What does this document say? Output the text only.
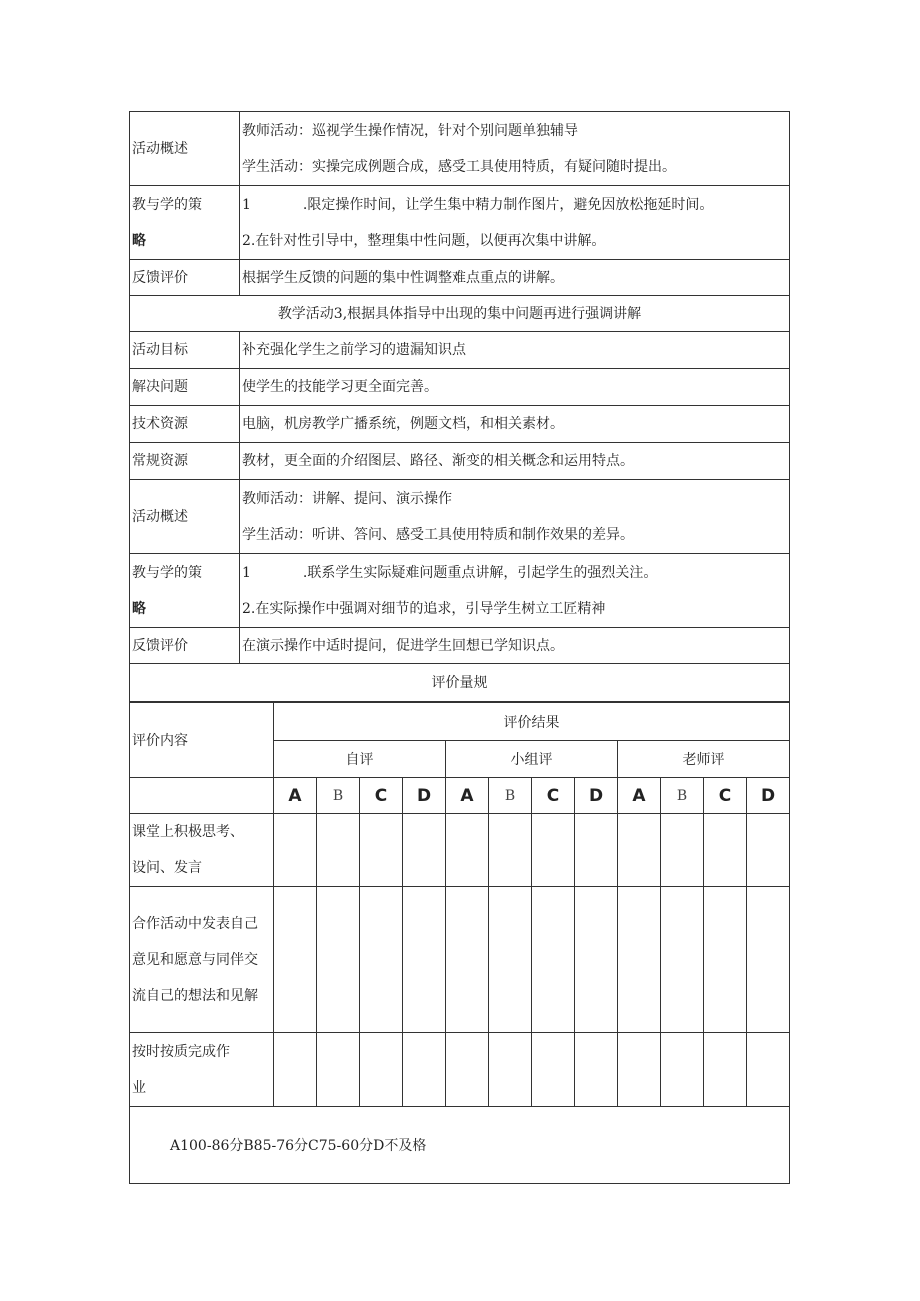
活动概述	教师活动：巡视学生操作情况，针对个别问题单独辅导
学生活动：实操完成例题合成，感受工具使用特质，有疑问随时提出。

教与学的策
略	1 .限定操作时间，让学生集中精力制作图片，避免因放松拖延时间。
2.在针对性引导中，整理集中性问题，以便再次集中讲解。

反馈评价	根据学生反馈的问题的集中性调整难点重点的讲解。
教学活动3,根据具体指导中出现的集中问题再进行强调讲解	
活动目标	补充强化学生之前学习的遗漏知识点
解决问题	使学生的技能学习更全面完善。
技术资源	电脑，机房教学广播系统，例题文档，和相关素材。
常规资源	教材，更全面的介绍图层、路径、渐变的相关概念和运用特点。
活动概述	教师活动：讲解、提问、演示操作
学生活动：听讲、答问、感受工具使用特质和制作效果的差异。

教与学的策
略	1 .联系学生实际疑难问题重点讲解，引起学生的强烈关注。
2.在实际操作中强调对细节的追求，引导学生树立工匠精神

反馈评价	在演示操作中适时提问，促进学生回想已学知识点。
评价量规	
评价内容	评价结果											
	自评				小组评				老师评			
	A	B	C	D	A	B	C	D	A	B	C	D

课堂上积极思考、
设问、发言												

合作活动中发表自己
意见和愿意与同伴交
流自己的想法和见解												

按时按质完成作
业												

A100-86分B85-76分C75-60分D不及格												
